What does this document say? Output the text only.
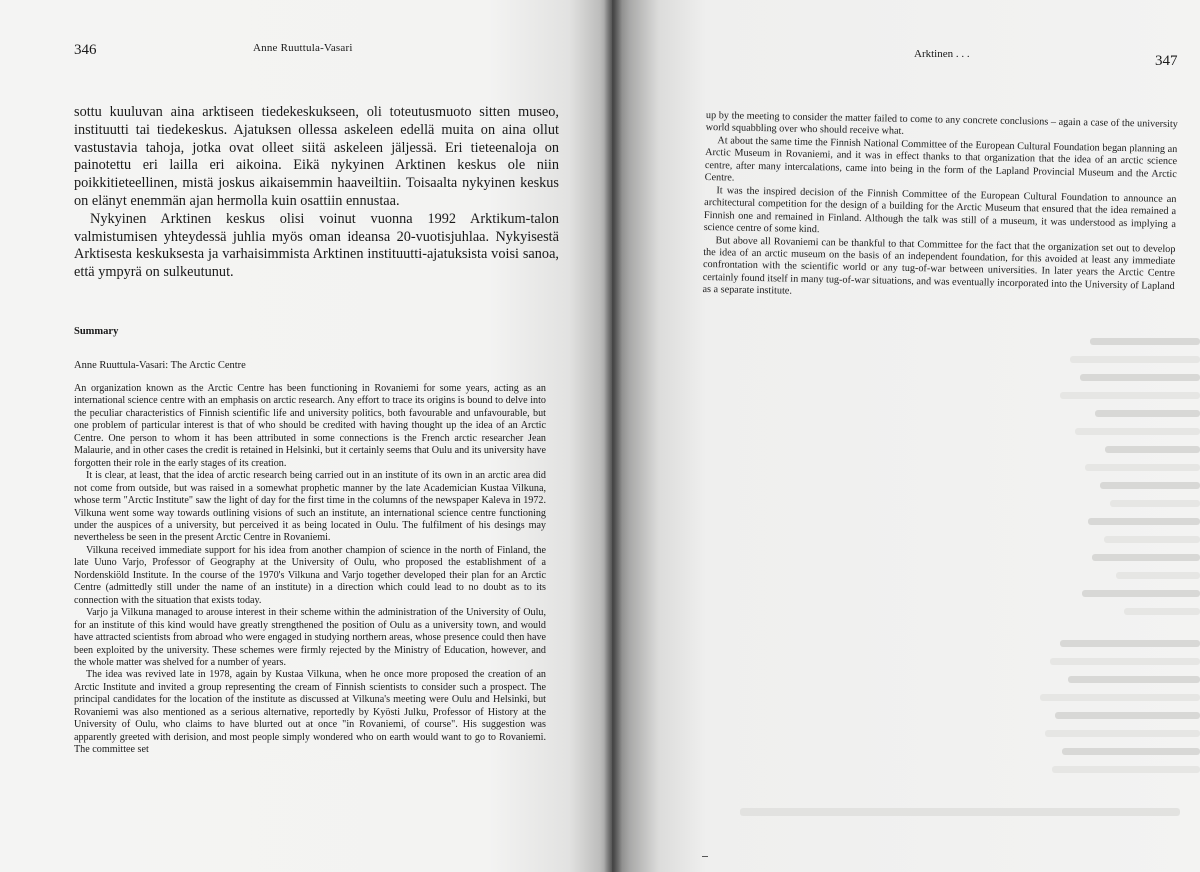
346	Anne Ruuttula-Vasari

sottu kuuluvan aina arktiseen tiedekeskukseen, oli toteutusmuoto sitten museo, instituutti tai tiedekeskus. Ajatuksen ollessa askeleen edellä muita on aina ollut vastustavia tahoja, jotka ovat olleet siitä askeleen jäljessä. Eri tieteenaloja on painotettu eri lailla eri aikoina. Eikä nykyinen Arktinen keskus ole niin poikkitieteellinen, mistä joskus aikaisemmin haaveiltiin. Toisaalta nykyinen keskus on elänyt enemmän ajan hermolla kuin osattiin ennustaa.

Nykyinen Arktinen keskus olisi voinut vuonna 1992 Arktikum-talon valmistumisen yhteydessä juhlia myös oman ideansa 20-vuotisjuhlaa. Nykyisestä Arktisesta keskuksesta ja varhaisimmista Arktinen instituutti-ajatuksista voisi sanoa, että ympyrä on sulkeutunut.

Summary
Anne Ruuttula-Vasari: The Arctic Centre

An organization known as the Arctic Centre has been functioning in Rovaniemi for some years, acting as an international science centre with an emphasis on arctic research. Any effort to trace its origins is bound to delve into the peculiar characteristics of Finnish scientific life and university politics, both favourable and unfavourable, but one problem of particular interest is that of who should be credited with having thought up the idea of an Arctic Centre. One person to whom it has been attributed in some connections is the French arctic researcher Jean Malaurie, and in other cases the credit is retained in Helsinki, but it certainly seems that Oulu and its university have forgotten their role in the early stages of its creation.

It is clear, at least, that the idea of arctic research being carried out in an institute of its own in an arctic area did not come from outside, but was raised in a somewhat prophetic manner by the late Academician Kustaa Vilkuna, whose term "Arctic Institute" saw the light of day for the first time in the columns of the newspaper Kaleva in 1972. Vilkuna went some way towards outlining visions of such an institute, an international science centre functioning under the auspices of a university, but perceived it as being located in Oulu. The fulfilment of his desings may nevertheless be seen in the present Arctic Centre in Rovaniemi.

Vilkuna received immediate support for his idea from another champion of science in the north of Finland, the late Uuno Varjo, Professor of Geography at the University of Oulu, who proposed the establishment of a Nordenskiöld Institute. In the course of the 1970's Vilkuna and Varjo together developed their plan for an Arctic Centre (admittedly still under the name of an institute) in a direction which could lead to no doubt as to its connection with the situation that exists today.

Varjo ja Vilkuna managed to arouse interest in their scheme within the administration of the University of Oulu, for an institute of this kind would have greatly strengthened the position of Oulu as a university town, and would have attracted scientists from abroad who were engaged in studying northern areas, whose presence could then have been exploited by the university. These schemes were firmly rejected by the Ministry of Education, however, and the whole matter was shelved for a number of years.

The idea was revived late in 1978, again by Kustaa Vilkuna, when he once more proposed the creation of an Arctic Institute and invited a group representing the cream of Finnish scientists to consider such a prospect. The principal candidates for the location of the institute as discussed at Vilkuna's meeting were Oulu and Helsinki, but Rovaniemi was also mentioned as a serious alternative, reportedly by Kyösti Julku, Professor of History at the University of Oulu, who claims to have blurted out at once "in Rovaniemi, of course". His suggestion was apparently greeted with derision, and most people simply wondered who on earth would want to go to Rovaniemi. The committee set

Arktinen . . .	347

up by the meeting to consider the matter failed to come to any concrete conclusions – again a case of the university world squabbling over who should receive what.

At about the same time the Finnish National Committee of the European Cultural Foundation began planning an Arctic Museum in Rovaniemi, and it was in effect thanks to that organization that the idea of an arctic science centre, after many intercalations, came into being in the form of the Lapland Provincial Museum and the Arctic Centre.

It was the inspired decision of the Finnish Committee of the European Cultural Foundation to announce an architectural competition for the design of a building for the Arctic Museum that ensured that the idea remained a Finnish one and remained in Finland. Although the talk was still of a museum, it was understood as implying a science centre of some kind.

But above all Rovaniemi can be thankful to that Committee for the fact that the organization set out to develop the idea of an arctic museum on the basis of an independent foundation, for this avoided at least any immediate confrontation with the scientific world or any tug-of-war between universities. In later years the Arctic Centre certainly found itself in many tug-of-war situations, and was eventually incorporated into the University of Lapland as a separate institute.
